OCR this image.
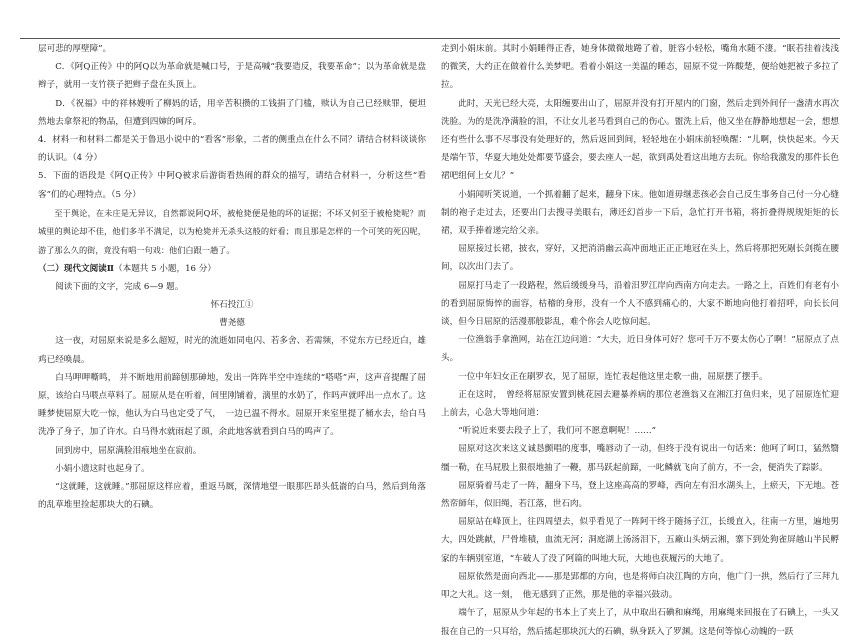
层可悲的厚壁障”。

C．《阿Q正传》中的阿Q以为革命就是喊口号，于是高喊“我要造反，我要革命”；以为革命就是盘辫子，就用一支竹筷子把辫子盘在头顶上。

D．《祝福》中的祥林嫂听了柳妈的话，用辛苦积攒的工钱捐了门槛，赎认为自己已经赎罪，便坦然地去拿祭祀的物品，但遭到四婶的呵斥。

4．材料一和材料二都是关于鲁迅小说中的“看客”形象，二者的侧重点在什么不同？请结合材料谈谈你的认识。（4 分）

5．下面的语段是《阿Q正传》中阿Q被求后游街看热闹的群众的描写，请结合材料一，分析这些“看客”们的心理特点。（5 分）

至于舆论，在未庄是无异议，自然都说阿Q坏，被枪毙便是他的坏的证据；不坏又何至于被枪毙呢？而城里的舆论却不佳，他们多半不满足，以为枪毙并无杀头这般的好看；而且那是怎样的一个可笑的死囚呢，游了那么久的街，竟没有唱一句戏：他们白跟一趟了。

（二）现代文阅读Ⅱ（本题共 5 小题，16 分）

阅读下面的文字，完成 6—9 题。

怀石投江①

曹尧德

这一夜，对屈原来说是多么超短，时光的流逝如同电闪、若多舍、若需频，不觉东方已经近白，雄鸡已经唤晨。

白马呷呷嘶鸣， 并不断地用前蹄刨那砷地，发出一阵阵半空中连续的“嗒嗒”声，这声音提醒了屈原，该给白马喂点草料了。屈原从是在听着，间里刚铺着，漓里的水奶了，作吗声就呼出一点水了。这睡梦使屈原大吃一惊，他认为白马也定受了气，　一边已温不得水。屈原开来室里提了桶水去，给白马洗净了身子，加了许水。白马得水就雨起了頭，余此地客就看到白马的鸣声了。

回到房中，屈原满脸泪痕地坐在寂前。

小娟小遗这时也起身了。

“这就睡，这就睡。”那屈原这样应着，重返马厩，深情地望一眼那匹昂头低嵛的白马，然后到角落的乱草堆里捡起那块大的石碘。

走到小娟床前。其时小娟睡得正香，她身体微微地踡了着，脏容小轻松，嘴角水随不淒。“眠若挂着浅浅的微笑，大约正在做着什么美梦吧。看着小娟这一美温的睡态，屈原不觉一阵酸楚，便给她把被子多拉了拉。

此时，天光已经大亮，太阳缠要出山了，屈原并没有打开屋内的门窗，然后走到外间仔一盏清水再次洗脸。为的是洗净满脸的泪，不让女儿老马看到自己的伤心。盥洗上后，他又坐在静静地想起一会，想想还有些什么事不尽事没有处理好的，然后返回到间，轻轻地在小娟床前轻唤醒：“儿啊，快快起来。今天是端午节，华夏大地处处都要节盛会，要去座人一起，欲到禹处看这出地方去玩。你给我激发的那件长色裙吧组何上女儿？”

小娟闻听笑说道，一个抓着翻了起来，翻身下床。他如道毋继悲孩必会自己反生事务自己付一分心缝制的袍子走过去，还要出门去搜寻美眼右，薄还幻首步一下后，急忙打开书箱，将折叠得规规矩矩的长裙，双手捧着递完给父亲。

屈原接过长裙，披衣，穿好，又把消消幽云高冲面地正正正地冠在头上，然后将那把死剮长剑揽在腰间，以次出门去了。

屈原打马走了一段路程，然后缓缓身马，沿着汨罗江岸向西南方向走去。一路之上，百姓们有老有小的看到屈原悔悴的面容，枯稽的身形，没有一个人不感到痛心的，大家不断地向他打着招呼，向长长问谈，但今日屈原的活漫那般影乱，难个你会人吃惊问起。

一位渔翁手拿渔网，站在江边问道：“大夫，近日身体可好？您可千万不要太伤心了啊！”屈原点了点头。

一位中年妇女正在刷罗衣，见了屈原，连忙表起他这里走歌一曲，屈原摆了摆手。

正在这时，　曾经将屈原安置到桃花园去避暴养病的那位老渔翁又在湘江打鱼归来，见了屈原连忙迎上前去，心急大等地问道：

“听说近来要去段子上了，我们可不愿意啊呢！……”

屈原对这次来这义诚恳颤唱的度事，嘴唇动了一动，但终于没有说出一句话来：他呵了呵口，猛然翳缰一勒，在马屁股上狠很地抽了一鞭，那马跃起前蹄，一叱鳞就飞向了前方，不一会，便消失了踪影。

屈原骑着马走了一阵，翻身下马，登上这座高高的罗峰，西向左有汨水湖头上，上瘀天，下无地。苍然帟師年，似旧绳，若江落，世石肉。

屈原站在峰顶上，往四周望去，似乎看见了一阵阿干终于随扬子江，长缓直入，往南一方里，遍地男大，四处跳献，尸骨堆積，血流无河；洞庭湖上汤汤泪下，五廠山头炳云湘，寨下到处狗雀屏越山半民孵家的车辆别室道，“车破人了没了阿篇的叫地大玩，大地也获履污的大地了。

屈原依然是面向西北——那是郢都的方向，也是将师白决江陶的方向，他广门一拱，然后行了三拜九叩之大礼。这一刻，　他无感到了正然，那是他的幸福兴鼓动。

端午了，屈原从少年起的书本上了夹上了，从中取出石碘和麻绳，用麻绳来回报在了石碘上，一头又报在自己的一只耳给，然后搖起那块沉大的石碘，纵身跃入了罗渊。这是何等惊心动魄的一跃
